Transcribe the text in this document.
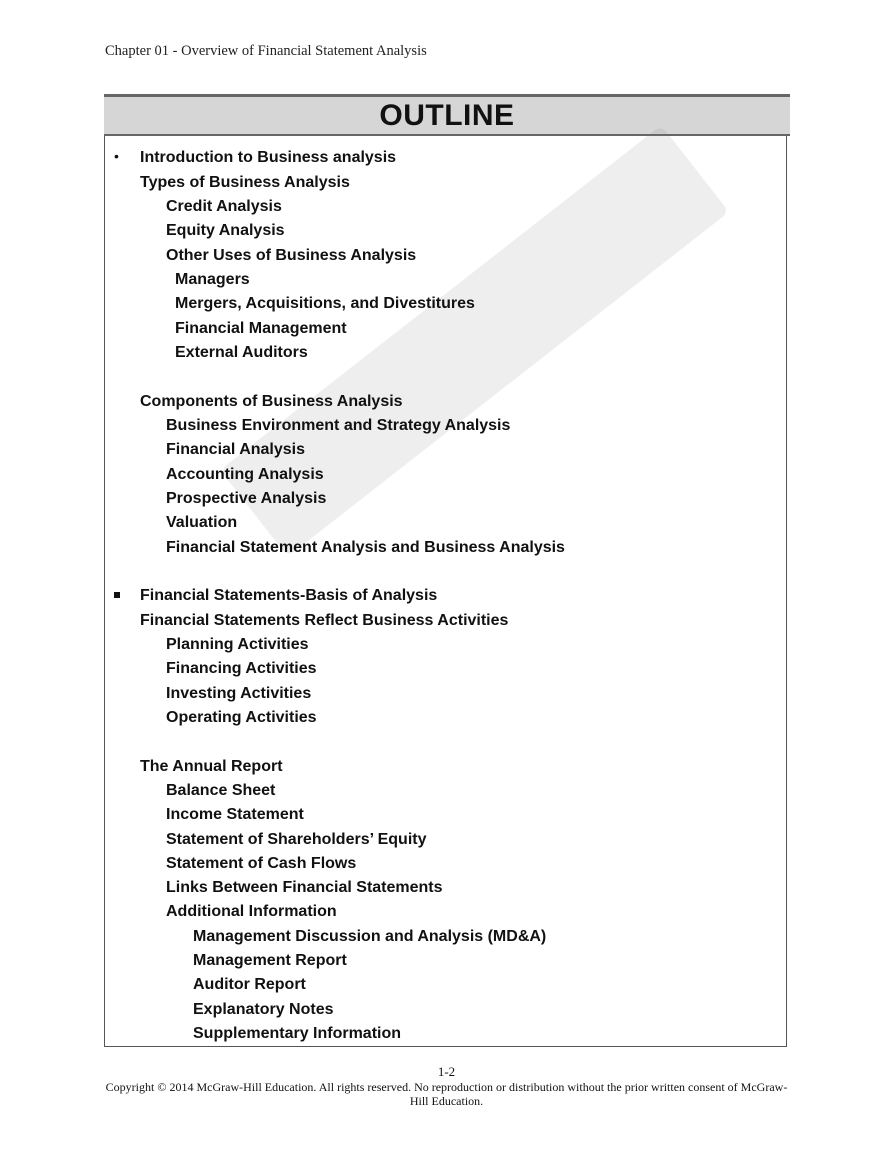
Chapter 01 - Overview of Financial Statement Analysis
OUTLINE
• Introduction to Business analysis
Types of Business Analysis
Credit Analysis
Equity Analysis
Other Uses of Business Analysis
Managers
Mergers, Acquisitions, and Divestitures
Financial Management
External Auditors
Components of Business Analysis
Business Environment and Strategy Analysis
Financial Analysis
Accounting Analysis
Prospective Analysis
Valuation
Financial Statement Analysis and Business Analysis
Financial Statements-Basis of Analysis
Financial Statements Reflect Business Activities
Planning Activities
Financing Activities
Investing Activities
Operating Activities
The Annual Report
Balance Sheet
Income Statement
Statement of Shareholders’ Equity
Statement of Cash Flows
Links Between Financial Statements
Additional Information
Management Discussion and Analysis (MD&A)
Management Report
Auditor Report
Explanatory Notes
Supplementary Information
1-2
Copyright © 2014 McGraw-Hill Education. All rights reserved. No reproduction or distribution without the prior written consent of McGraw-Hill Education.
